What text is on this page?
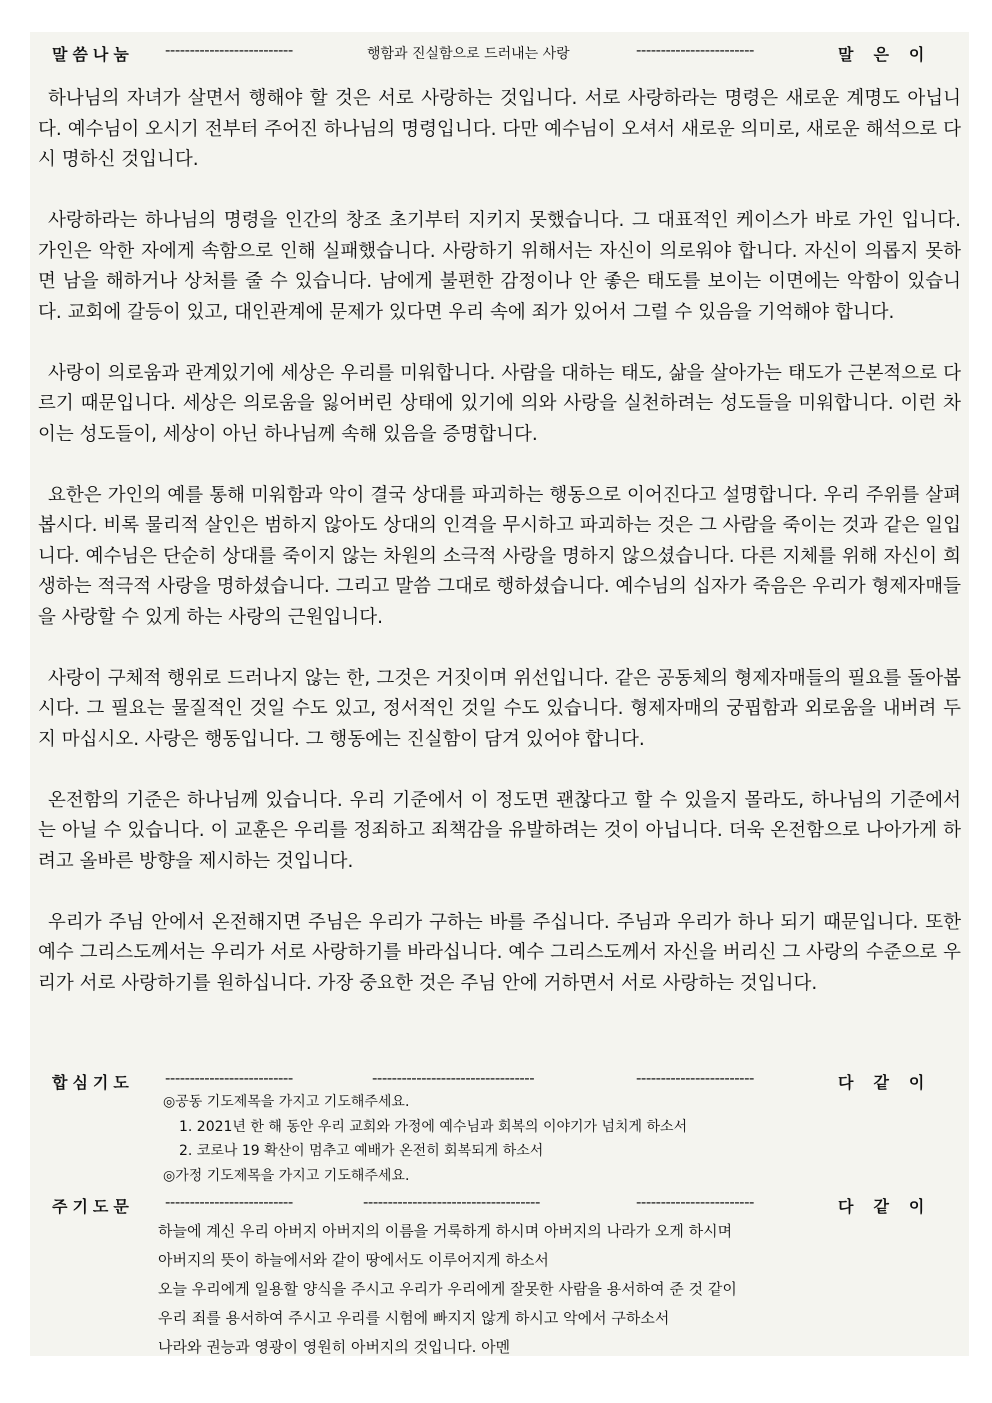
말씀나눔 --------------------------	행함과 진실함으로 드러내는 사랑	------------------------	말은이

하나님의 자녀가 살면서 행해야 할 것은 서로 사랑하는 것입니다. 서로 사랑하라는 명령은 새로운 계명도 아닙니다. 예수님이 오시기 전부터 주어진 하나님의 명령입니다. 다만 예수님이 오셔서 새로운 의미로, 새로운 해석으로 다시 명하신 것입니다.

사랑하라는 하나님의 명령을 인간의 창조 초기부터 지키지 못했습니다. 그 대표적인 케이스가 바로 가인 입니다. 가인은 악한 자에게 속함으로 인해 실패했습니다. 사랑하기 위해서는 자신이 의로워야 합니다. 자신이 의롭지 못하면 남을 해하거나 상처를 줄 수 있습니다. 남에게 불편한 감정이나 안 좋은 태도를 보이는 이면에는 악함이 있습니다. 교회에 갈등이 있고, 대인관계에 문제가 있다면 우리 속에 죄가 있어서 그럴 수 있음을 기억해야 합니다.

사랑이 의로움과 관계있기에 세상은 우리를 미워합니다. 사람을 대하는 태도, 삶을 살아가는 태도가 근본적으로 다르기 때문입니다. 세상은 의로움을 잃어버린 상태에 있기에 의와 사랑을 실천하려는 성도들을 미워합니다. 이런 차이는 성도들이, 세상이 아닌 하나님께 속해 있음을 증명합니다.

요한은 가인의 예를 통해 미워함과 악이 결국 상대를 파괴하는 행동으로 이어진다고 설명합니다. 우리 주위를 살펴봅시다. 비록 물리적 살인은 범하지 않아도 상대의 인격을 무시하고 파괴하는 것은 그 사람을 죽이는 것과 같은 일입니다. 예수님은 단순히 상대를 죽이지 않는 차원의 소극적 사랑을 명하지 않으셨습니다. 다른 지체를 위해 자신이 희생하는 적극적 사랑을 명하셨습니다. 그리고 말씀 그대로 행하셨습니다. 예수님의 십자가 죽음은 우리가 형제자매들을 사랑할 수 있게 하는 사랑의 근원입니다.

사랑이 구체적 행위로 드러나지 않는 한, 그것은 거짓이며 위선입니다. 같은 공동체의 형제자매들의 필요를 돌아봅시다. 그 필요는 물질적인 것일 수도 있고, 정서적인 것일 수도 있습니다. 형제자매의 궁핍함과 외로움을 내버려 두지 마십시오. 사랑은 행동입니다. 그 행동에는 진실함이 담겨 있어야 합니다.

온전함의 기준은 하나님께 있습니다. 우리 기준에서 이 정도면 괜찮다고 할 수 있을지 몰라도, 하나님의 기준에서는 아닐 수 있습니다. 이 교훈은 우리를 정죄하고 죄책감을 유발하려는 것이 아닙니다. 더욱 온전함으로 나아가게 하려고 올바른 방향을 제시하는 것입니다.

우리가 주님 안에서 온전해지면 주님은 우리가 구하는 바를 주십니다. 주님과 우리가 하나 되기 때문입니다. 또한 예수 그리스도께서는 우리가 서로 사랑하기를 바라십니다. 예수 그리스도께서 자신을 버리신 그 사랑의 수준으로 우리가 서로 사랑하기를 원하십니다. 가장 중요한 것은 주님 안에 거하면서 서로 사랑하는 것입니다.

합심기도 --------------------------	---------------------------------	------------------------	다같이
◎공동 기도제목을 가지고 기도해주세요.
1. 2021년 한 해 동안 우리 교회와 가정에 예수님과 회복의 이야기가 넘치게 하소서
2. 코로나 19 확산이 멈추고 예배가 온전히 회복되게 하소서
◎가정 기도제목을 가지고 기도해주세요.
주기도문 --------------------------	------------------------------------	------------------------	다같이
하늘에 계신 우리 아버지 아버지의 이름을 거룩하게 하시며 아버지의 나라가 오게 하시며
아버지의 뜻이 하늘에서와 같이 땅에서도 이루어지게 하소서
오늘 우리에게 일용할 양식을 주시고 우리가 우리에게 잘못한 사람을 용서하여 준 것 같이
우리 죄를 용서하여 주시고 우리를 시험에 빠지지 않게 하시고 악에서 구하소서
나라와 권능과 영광이 영원히 아버지의 것입니다. 아멘
